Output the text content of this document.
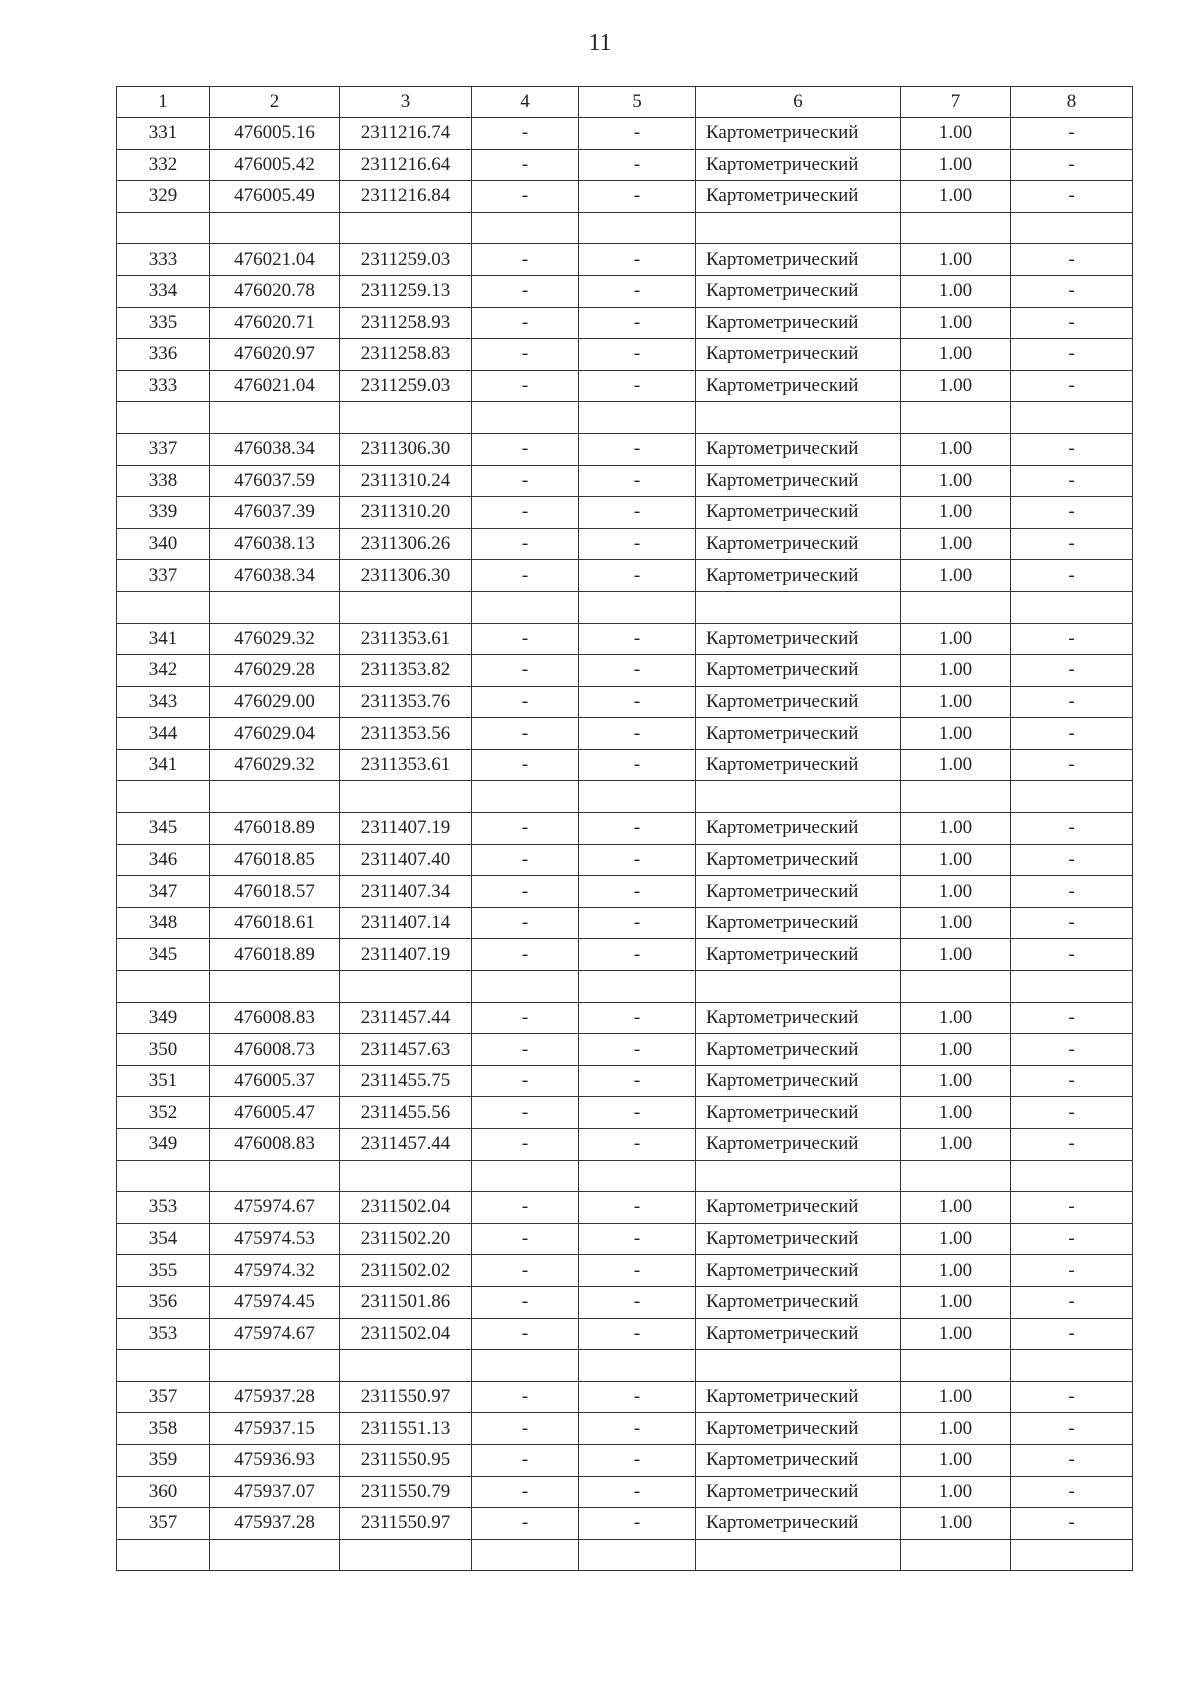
11
1	2	3	4	5	6	7	8
331	476005.16	2311216.74	-	-	Картометрический	1.00	-
332	476005.42	2311216.64	-	-	Картометрический	1.00	-
329	476005.49	2311216.84	-	-	Картометрический	1.00	-

333	476021.04	2311259.03	-	-	Картометрический	1.00	-
334	476020.78	2311259.13	-	-	Картометрический	1.00	-
335	476020.71	2311258.93	-	-	Картометрический	1.00	-
336	476020.97	2311258.83	-	-	Картометрический	1.00	-
333	476021.04	2311259.03	-	-	Картометрический	1.00	-

337	476038.34	2311306.30	-	-	Картометрический	1.00	-
338	476037.59	2311310.24	-	-	Картометрический	1.00	-
339	476037.39	2311310.20	-	-	Картометрический	1.00	-
340	476038.13	2311306.26	-	-	Картометрический	1.00	-
337	476038.34	2311306.30	-	-	Картометрический	1.00	-

341	476029.32	2311353.61	-	-	Картометрический	1.00	-
342	476029.28	2311353.82	-	-	Картометрический	1.00	-
343	476029.00	2311353.76	-	-	Картометрический	1.00	-
344	476029.04	2311353.56	-	-	Картометрический	1.00	-
341	476029.32	2311353.61	-	-	Картометрический	1.00	-

345	476018.89	2311407.19	-	-	Картометрический	1.00	-
346	476018.85	2311407.40	-	-	Картометрический	1.00	-
347	476018.57	2311407.34	-	-	Картометрический	1.00	-
348	476018.61	2311407.14	-	-	Картометрический	1.00	-
345	476018.89	2311407.19	-	-	Картометрический	1.00	-

349	476008.83	2311457.44	-	-	Картометрический	1.00	-
350	476008.73	2311457.63	-	-	Картометрический	1.00	-
351	476005.37	2311455.75	-	-	Картометрический	1.00	-
352	476005.47	2311455.56	-	-	Картометрический	1.00	-
349	476008.83	2311457.44	-	-	Картометрический	1.00	-

353	475974.67	2311502.04	-	-	Картометрический	1.00	-
354	475974.53	2311502.20	-	-	Картометрический	1.00	-
355	475974.32	2311502.02	-	-	Картометрический	1.00	-
356	475974.45	2311501.86	-	-	Картометрический	1.00	-
353	475974.67	2311502.04	-	-	Картометрический	1.00	-

357	475937.28	2311550.97	-	-	Картометрический	1.00	-
358	475937.15	2311551.13	-	-	Картометрический	1.00	-
359	475936.93	2311550.95	-	-	Картометрический	1.00	-
360	475937.07	2311550.79	-	-	Картометрический	1.00	-
357	475937.28	2311550.97	-	-	Картометрический	1.00	-
